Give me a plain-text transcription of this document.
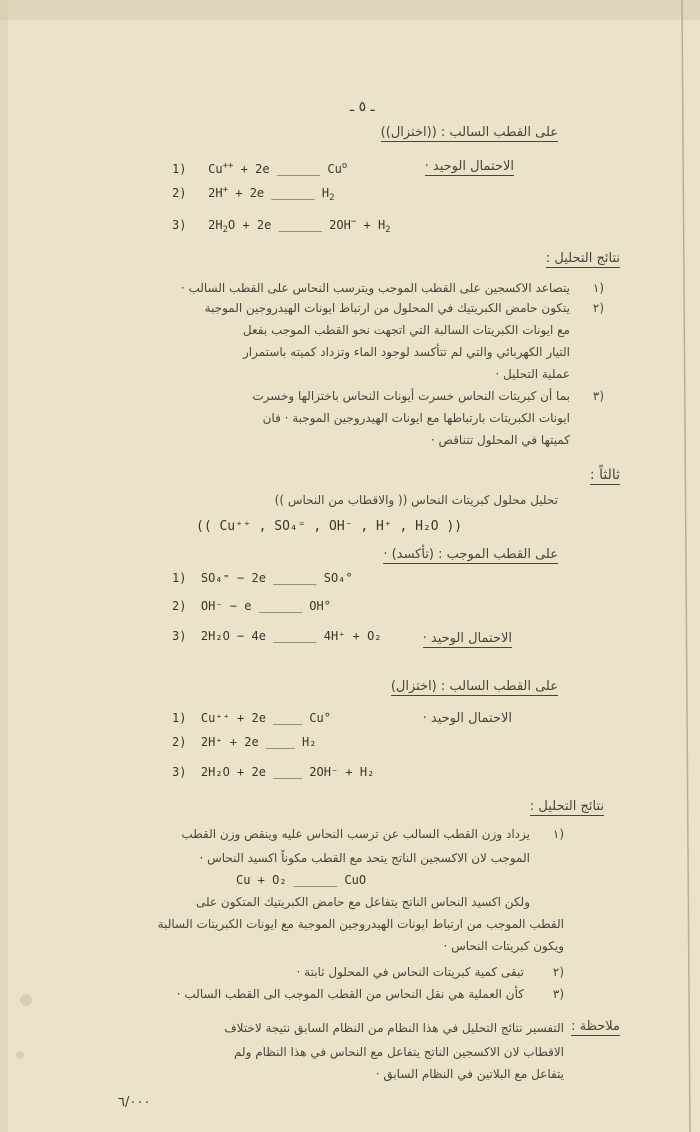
ـ ٥ ـ
على القطب السالب : ((اختزال))
الاحتمال الوحيد ·
1) Cu++ + 2e ______ Cu$^o$
2) 2H+ + 2e ______ $H_2$
3) $2H_2O + 2e$ ______ $2OH^- + H_2$
نتائج التحليل :
١)
يتصاعد الاكسجين على القطب الموجب ويترسب النحاس على القطب السالب ·
٢)
يتكون حامض الكبريتيك في المحلول من ارتباط ايونات الهيدروجين الموجبة
مع ايونات الكبريتات السالبة التي اتجهت نحو القطب الموجب بفعل
التيار الكهربائي والتي لم تتأكسد لوجود الماء وتزداد كميته باستمرار
عملية التحليل ·
٣)
بما أن كبريتات النحاس خسرت أيونات النحاس باختزالها وخسرت
ايونات الكبريتات بارتباطها مع ايونات الهيدروجين الموجبة · فان
كميتها في المحلول تتناقص ·
ثالثاً :
تحليل محلول كبريتات النحاس (( والاقطاب من النحاس ))
(( Cu⁺⁺ , SO₄⁼ , OH⁻ , H⁺ , H₂O ))
على القطب الموجب : (تأكسد) ·
1) SO₄⁼ − 2e ______ SO₄°
2) OH⁻ − e ______ OH°
3) 2H₂O − 4e ______ 4H⁺ + O₂	الاحتمال الوحيد ·
على القطب السالب : (اختزال)
الاحتمال الوحيد ·
1) Cu⁺⁺ + 2e ____ Cu°
2) 2H⁺ + 2e ____ H₂
3) 2H₂O + 2e ____ 2OH⁻ + H₂
نتائج التحليل :
١)
يزداد وزن القطب السالب عن ترسب النحاس عليه وينقص وزن القطب
الموجب لان الاكسجين الناتج يتحد مع القطب مكوناً اكسيد النحاس ·
Cu + O₂ ______ CuO
ولكن اكسيد النحاس الناتج يتفاعل مع حامض الكبريتيك المتكون على
القطب الموجب من ارتباط ايونات الهيدروجين الموجبة مع ايونات الكبريتات السالبة
ويكون كبريتات النحاس ·
٢)
تبقى كمية كبريتات النحاس في المحلول ثابتة ·
٣)
كأن العملية هي نقل النحاس من القطب الموجب الى القطب السالب ·
ملاحظة :
التفسير نتائج التحليل في هذا النظام من النظام السابق نتيجة لاختلاف
الاقطاب لان الاكسجين الناتج يتفاعل مع النحاس في هذا النظام ولم
يتفاعل مع البلاتين في النظام السابق ·
٦/٠٠٠
